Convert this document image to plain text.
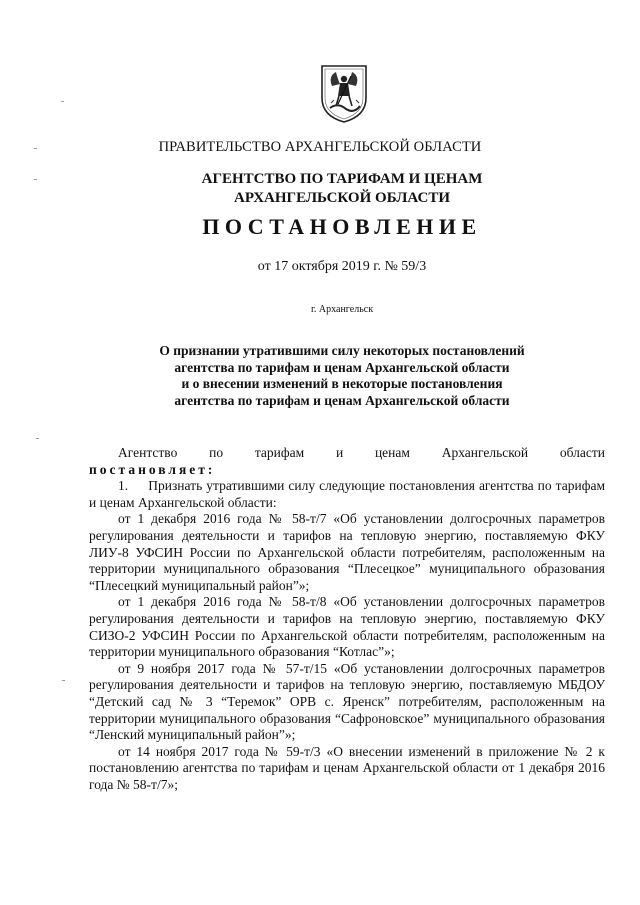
ПРАВИТЕЛЬСТВО АРХАНГЕЛЬСКОЙ ОБЛАСТИ
АГЕНТСТВО ПО ТАРИФАМ И ЦЕНАМ
АРХАНГЕЛЬСКОЙ ОБЛАСТИ
ПОСТАНОВЛЕНИЕ
от 17 октября 2019 г. № 59/3
г. Архангельск
О признании утратившими силу некоторых постановлений
агентства по тарифам и ценам Архангельской области
и о внесении изменений в некоторые постановления
агентства по тарифам и ценам Архангельской области

Агентство по тарифам и ценам Архангельской области

постановляет:

1.     Признать утратившими силу следующие постановления агентства по тарифам и ценам Архангельской области:

от 1 декабря 2016 года № 58-т/7 «Об установлении долгосрочных параметров регулирования деятельности и тарифов на тепловую энергию, поставляемую ФКУ ЛИУ-8 УФСИН России по Архангельской области потребителям, расположенным на территории муниципального образования “Плесецкое” муниципального образования “Плесецкий муниципальный район”»;

от 1 декабря 2016 года № 58-т/8 «Об установлении долгосрочных параметров регулирования деятельности и тарифов на тепловую энергию, поставляемую ФКУ СИЗО-2 УФСИН России по Архангельской области потребителям, расположенным на территории муниципального образования “Котлас”»;

от 9 ноября 2017 года № 57-т/15 «Об установлении долгосрочных параметров регулирования деятельности и тарифов на тепловую энергию, поставляемую МБДОУ “Детский сад № 3 “Теремок” ОРВ с. Яренск” потребителям, расположенным на территории муниципального образования “Сафроновское” муниципального образования “Ленский муниципальный район”»;

от 14 ноября 2017 года № 59-т/3 «О внесении изменений в приложение № 2 к постановлению агентства по тарифам и ценам Архангельской области от 1 декабря 2016 года № 58-т/7»;
